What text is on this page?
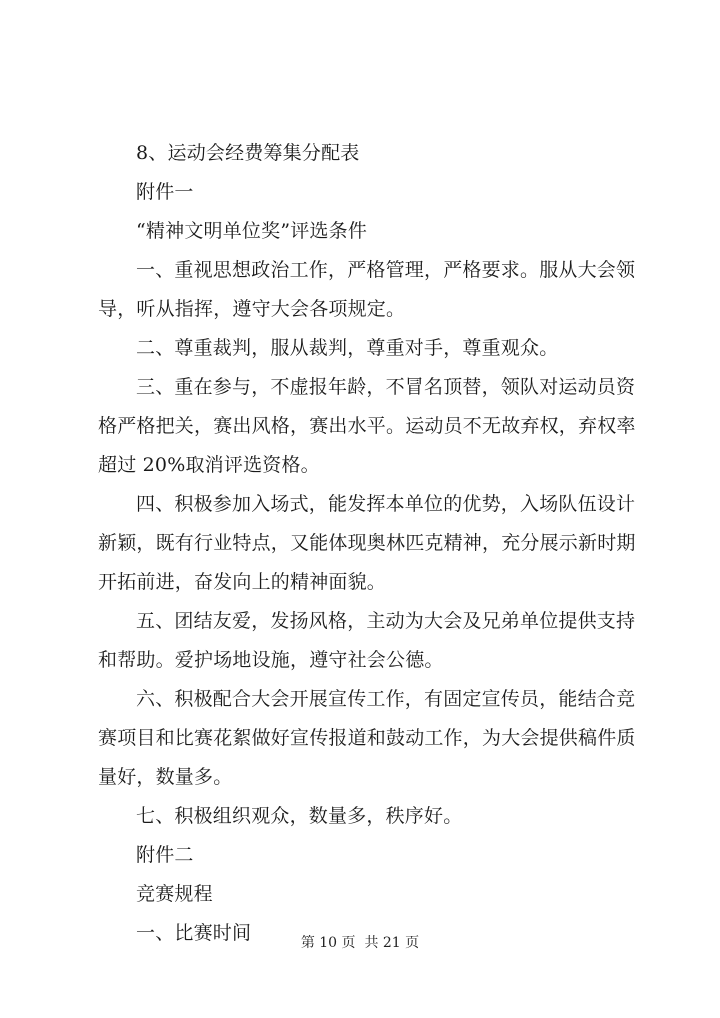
8、运动会经费筹集分配表
附件一
“精神文明单位奖”评选条件
一、重视思想政治工作，严格管理，严格要求。服从大会领
导，听从指挥，遵守大会各项规定。
二、尊重裁判，服从裁判，尊重对手，尊重观众。
三、重在参与，不虚报年龄，不冒名顶替，领队对运动员资
格严格把关，赛出风格，赛出水平。运动员不无故弃权，弃权率
超过 20%取消评选资格。
四、积极参加入场式，能发挥本单位的优势，入场队伍设计
新颖，既有行业特点，又能体现奥林匹克精神，充分展示新时期
开拓前进，奋发向上的精神面貌。
五、团结友爱，发扬风格，主动为大会及兄弟单位提供支持
和帮助。爱护场地设施，遵守社会公德。
六、积极配合大会开展宣传工作，有固定宣传员，能结合竞
赛项目和比赛花絮做好宣传报道和鼓动工作，为大会提供稿件质
量好，数量多。
七、积极组织观众，数量多，秩序好。
附件二
竞赛规程
一、比赛时间	第 10 页  共 21 页
